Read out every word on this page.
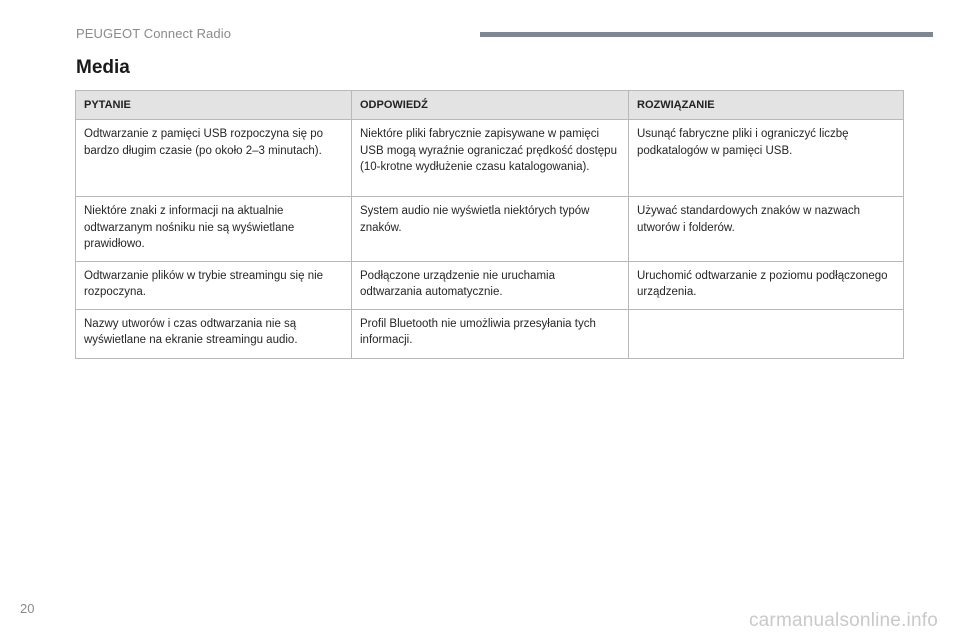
PEUGEOT Connect Radio
Media
PYTANIE	ODPOWIEDŹ	ROZWIĄZANIE
Odtwarzanie z pamięci USB rozpoczyna się po bardzo długim czasie (po około 2–3 minutach).	Niektóre pliki fabrycznie zapisywane w pamięci USB mogą wyraźnie ograniczać prędkość dostępu (10-krotne wydłużenie czasu katalogowania).	Usunąć fabryczne pliki i ograniczyć liczbę podkatalogów w pamięci USB.
Niektóre znaki z informacji na aktualnie odtwarzanym nośniku nie są wyświetlane prawidłowo.	System audio nie wyświetla niektórych typów znaków.	Używać standardowych znaków w nazwach utworów i folderów.
Odtwarzanie plików w trybie streamingu się nie rozpoczyna.	Podłączone urządzenie nie uruchamia odtwarzania automatycznie.	Uruchomić odtwarzanie z poziomu podłączonego urządzenia.
Nazwy utworów i czas odtwarzania nie są wyświetlane na ekranie streamingu audio.	Profil Bluetooth nie umożliwia przesyłania tych informacji.	
20
carmanualsonline.info
